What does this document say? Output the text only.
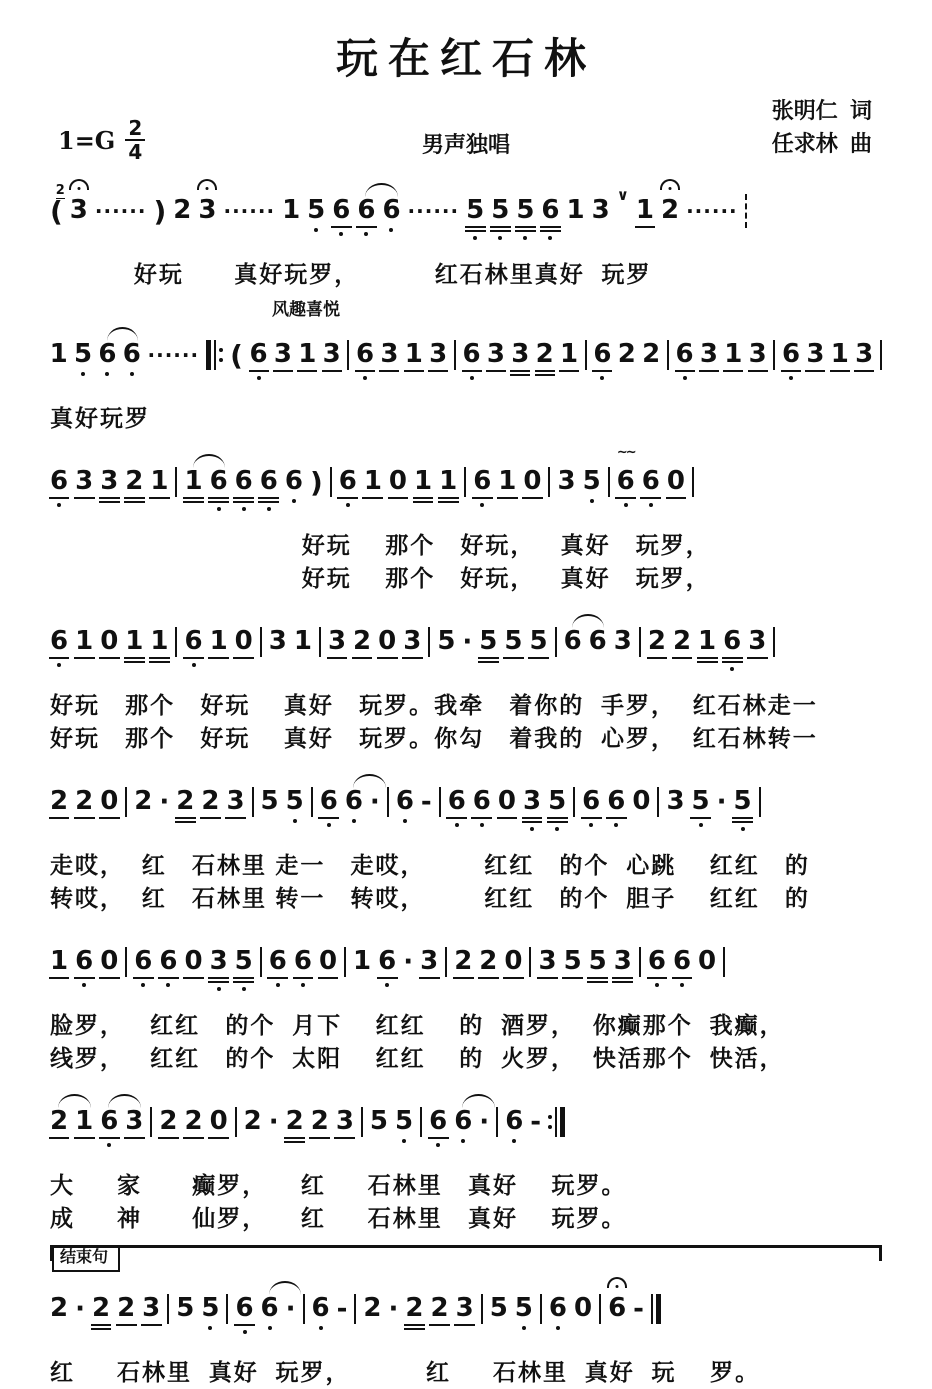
玩在红石林
$1=G \frac{2}{4}$	男声独唱
张明仁  词
任求林  曲
(
2
3 ······ ) 2 3 ······ 1 5 6 6 6 ······ 5 5 5 6 1 3 ∨ 1 2 ······
好玩      真好玩罗，         红石林里真好  玩罗
风趣喜悦
1 5 6 6 ······ ( 6 3 1 3 6 3 1 3 6 3 3 2 1 6 2 2 6 3 1 3 6 3 1 3
真好玩罗
6 3 3 2 1 1 6 6 6 6 ) 6 1 0 1 1 6 1 0 3 5
∼∼
6 6 0
好玩    那个   好玩，   真好   玩罗，
好玩    那个   好玩，   真好   玩罗，
6 1 0 1 1 6 1 0 3 1 3 2 0 3 5 · 5 5 5 6 6 3 2 2 1 6 3
好玩   那个   好玩    真好   玩罗。我牵   着你的  手罗，  红石林走一
好玩   那个   好玩    真好   玩罗。你勾   着我的  心罗，  红石林转一
2 2 0 2 · 2 2 3 5 5 6 6 · 6 - 6 6 0 3 5 6 6 0 3 5 · 5
走哎，  红   石林里 走一   走哎，       红红   的个  心跳    红红   的
转哎，  红   石林里 转一   转哎，       红红   的个  胆子    红红   的
1 6 0 6 6 0 3 5 6 6 0 1 6 · 3 2 2 0 3 5 5 3 6 6 0
脸罗，   红红   的个  月下    红红    的  酒罗，  你癫那个  我癫，
线罗，   红红   的个  太阳    红红    的  火罗，  快活那个  快活，
2 1 6 3 2 2 0 2 · 2 2 3 5 5 6 6 · 6 -
大     家      癫罗，    红     石林里   真好    玩罗。
成     神      仙罗，    红     石林里   真好    玩罗。
结束句
2 · 2 2 3 5 5 6 6 · 6 - 2 · 2 2 3 5 5 6 0 6 -
红     石林里  真好  玩罗，         红     石林里  真好  玩    罗。
